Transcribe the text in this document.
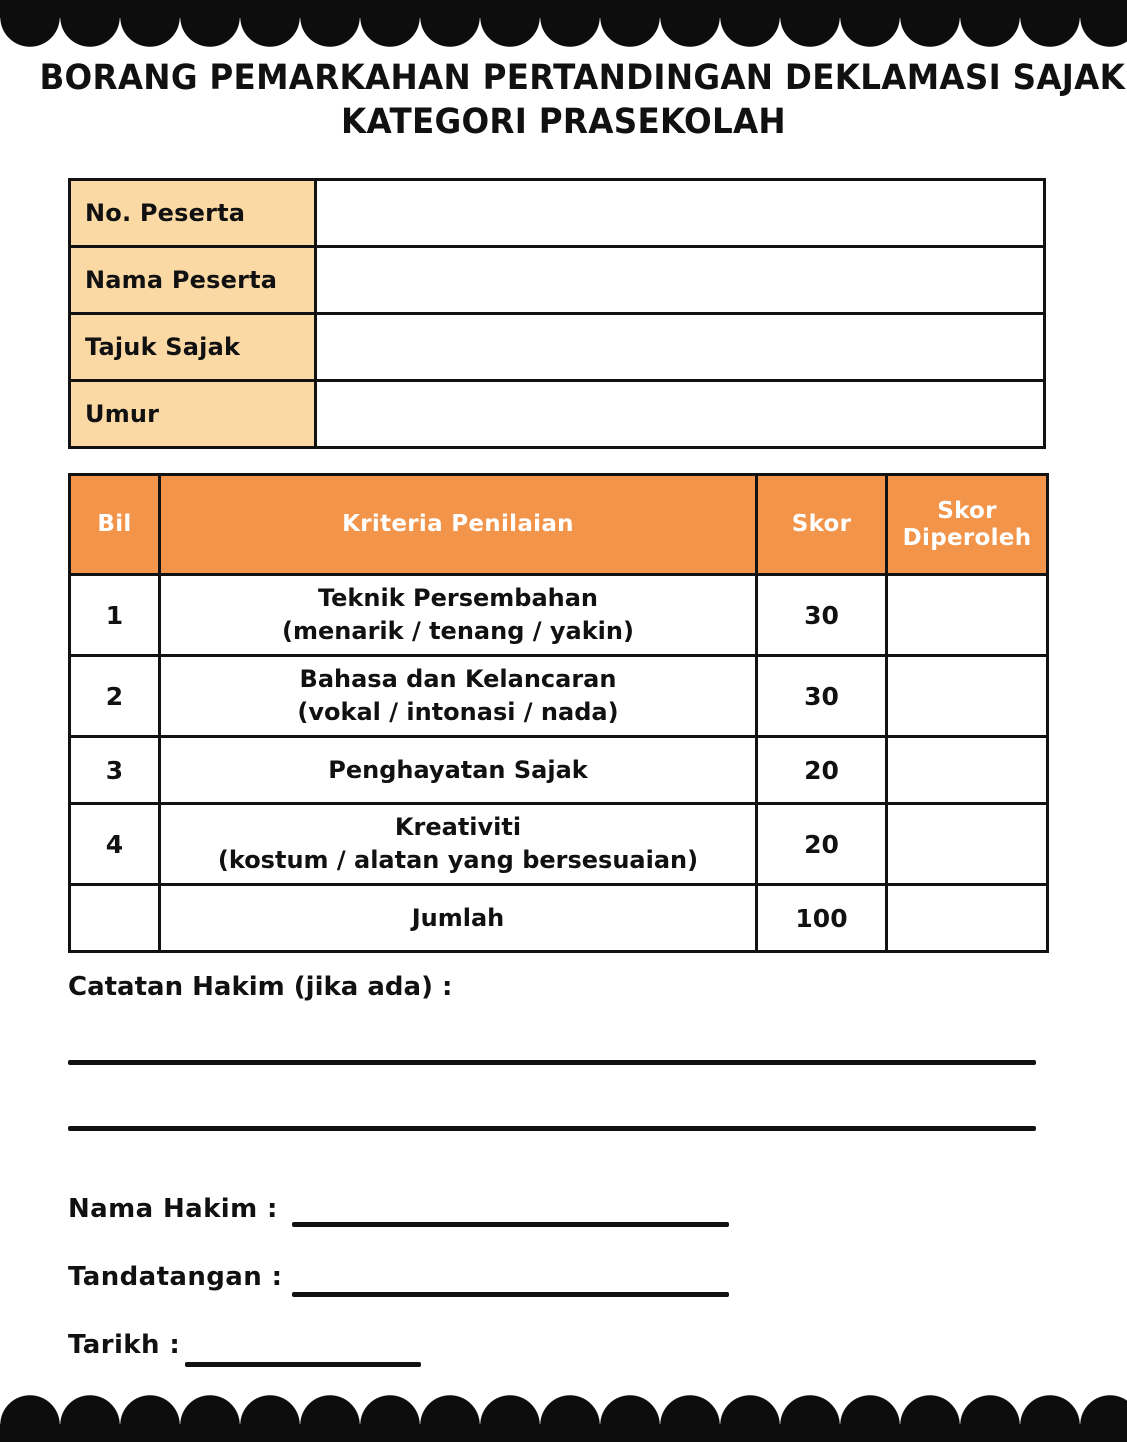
BORANG PEMARKAHAN PERTANDINGAN DEKLAMASI SAJAK
KATEGORI PRASEKOLAH
No. Peserta	
Nama Peserta	
Tajuk Sajak	
Umur	
Bil	Kriteria Penilaian	Skor	Skor
Diperoleh
1	Teknik Persembahan
(menarik / tenang / yakin)	30	
2	Bahasa dan Kelancaran
(vokal / intonasi / nada)	30	
3	Penghayatan Sajak	20	
4	Kreativiti
(kostum / alatan yang bersesuaian)	20	
	Jumlah	100	
Catatan Hakim (jika ada) :
Nama Hakim :
Tandatangan :
Tarikh :
